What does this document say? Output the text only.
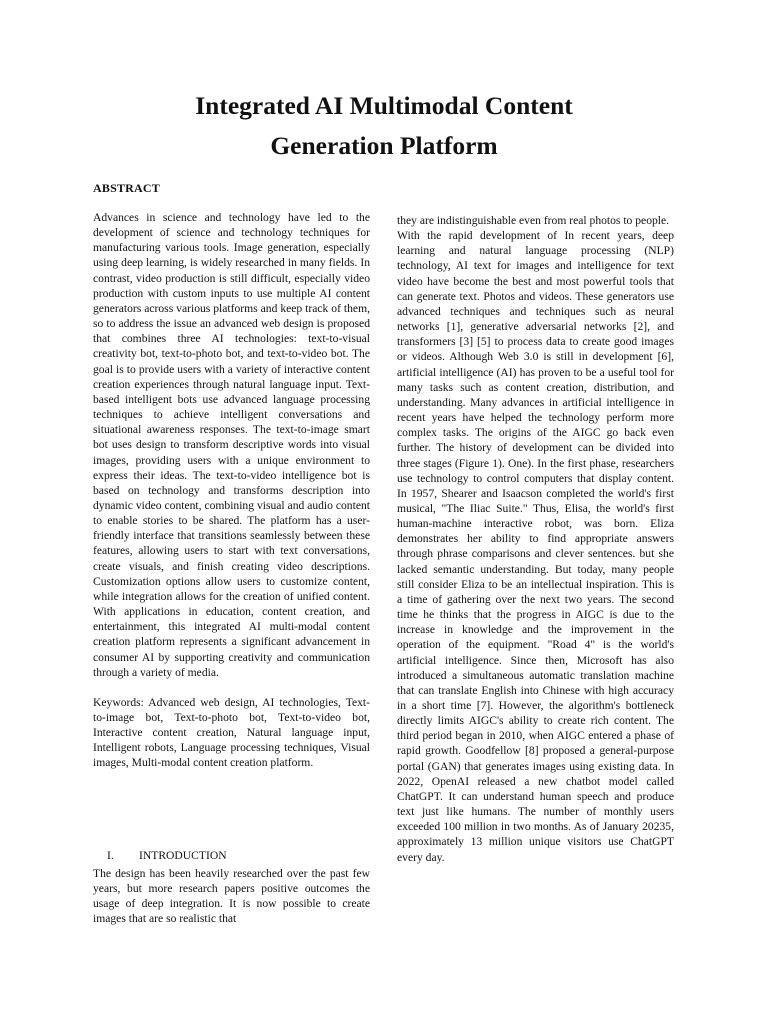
Integrated AI Multimodal Content
Generation Platform
ABSTRACT

Advances in science and technology have led to the development of science and technology techniques for manufacturing various tools. Image generation, especially using deep learning, is widely researched in many fields. In contrast, video production is still difficult, especially video production with custom inputs to use multiple AI content generators across various platforms and keep track of them, so to address the issue an advanced web design is proposed that combines three AI technologies: text-to-visual creativity bot, text-to-photo bot, and text-to-video bot. The goal is to provide users with a variety of interactive content creation experiences through natural language input. Text-based intelligent bots use advanced language processing techniques to achieve intelligent conversations and situational awareness responses. The text-to-image smart bot uses design to transform descriptive words into visual images, providing users with a unique environment to express their ideas. The text-to-video intelligence bot is based on technology and transforms description into dynamic video content, combining visual and audio content to enable stories to be shared. The platform has a user-friendly interface that transitions seamlessly between these features, allowing users to start with text conversations, create visuals, and finish creating video descriptions. Customization options allow users to customize content, while integration allows for the creation of unified content. With applications in education, content creation, and entertainment, this integrated AI multi-modal content creation platform represents a significant advancement in consumer AI by supporting creativity and communication through a variety of media.

Keywords: Advanced web design, AI technologies, Text-to-image bot, Text-to-photo bot, Text-to-video bot, Interactive content creation, Natural language input, Intelligent robots, Language processing techniques, Visual images, Multi-modal content creation platform.

I. INTRODUCTION

The design has been heavily researched over the past few years, but more research papers positive outcomes the usage of deep integration. It is now possible to create images that are so realistic that

they are indistinguishable even from real photos to people.

With the rapid development of In recent years, deep learning and natural language processing (NLP) technology, AI text for images and intelligence for text video have become the best and most powerful tools that can generate text. Photos and videos. These generators use advanced techniques and techniques such as neural networks [1], generative adversarial networks [2], and transformers [3] [5] to process data to create good images or videos. Although Web 3.0 is still in development [6], artificial intelligence (AI) has proven to be a useful tool for many tasks such as content creation, distribution, and understanding. Many advances in artificial intelligence in recent years have helped the technology perform more complex tasks. The origins of the AIGC go back even further. The history of development can be divided into three stages (Figure 1). One). In the first phase, researchers use technology to control computers that display content. In 1957, Shearer and Isaacson completed the world's first musical, "The Iliac Suite." Thus, Elisa, the world's first human-machine interactive robot, was born. Eliza demonstrates her ability to find appropriate answers through phrase comparisons and clever sentences. but she lacked semantic understanding. But today, many people still consider Eliza to be an intellectual inspiration. This is a time of gathering over the next two years. The second time he thinks that the progress in AIGC is due to the increase in knowledge and the improvement in the operation of the equipment. "Road 4" is the world's artificial intelligence. Since then, Microsoft has also introduced a simultaneous automatic translation machine that can translate English into Chinese with high accuracy in a short time [7]. However, the algorithm's bottleneck directly limits AIGC's ability to create rich content. The third period began in 2010, when AIGC entered a phase of rapid growth. Goodfellow [8] proposed a general-purpose portal (GAN) that generates images using existing data. In 2022, OpenAI released a new chatbot model called ChatGPT. It can understand human speech and produce text just like humans. The number of monthly users exceeded 100 million in two months. As of January 20235, approximately 13 million unique visitors use ChatGPT every day.
